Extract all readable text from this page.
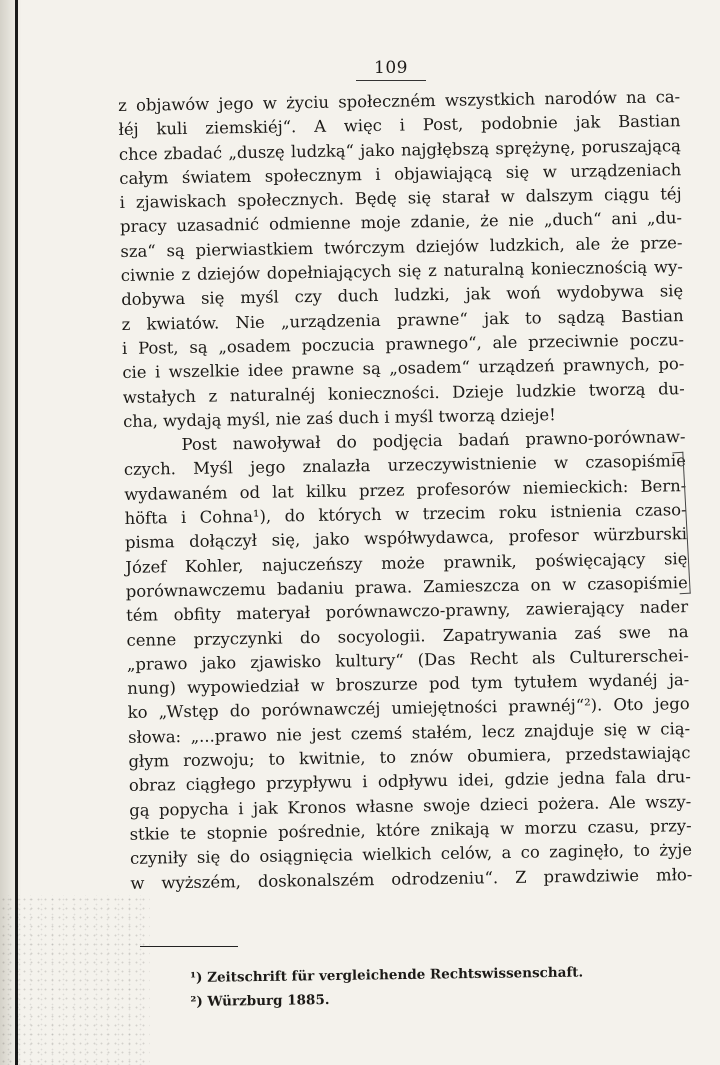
109
z objawów jego w życiu społeczném wszystkich narodów na ca-
łéj kuli ziemskiéj“. A więc i Post, podobnie jak Bastian
chce zbadać „duszę ludzką“ jako najgłębszą sprężynę, poruszającą
całym światem społecznym i objawiającą się w urządzeniach
i zjawiskach społecznych. Będę się starał w dalszym ciągu téj
pracy uzasadnić odmienne moje zdanie, że nie „duch“ ani „du-
sza“ są pierwiastkiem twórczym dziejów ludzkich, ale że prze-
ciwnie z dziejów dopełniających się z naturalną koniecznością wy-
dobywa się myśl czy duch ludzki, jak woń wydobywa się
z kwiatów. Nie „urządzenia prawne“ jak to sądzą Bastian
i Post, są „osadem poczucia prawnego“, ale przeciwnie poczu-
cie i wszelkie idee prawne są „osadem“ urządzeń prawnych, po-
wstałych z naturalnéj konieczności. Dzieje ludzkie tworzą du-
cha, wydają myśl, nie zaś duch i myśl tworzą dzieje!
Post nawoływał do podjęcia badań prawno-porównaw-
czych. Myśl jego znalazła urzeczywistnienie w czasopiśmie
wydawaném od lat kilku przez profesorów niemieckich: Bern-
höfta i Cohna¹), do których w trzecim roku istnienia czaso-
pisma dołączył się, jako współwydawca, profesor würzburski
Józef Kohler, najuczeńszy może prawnik, poświęcający się
porównawczemu badaniu prawa. Zamieszcza on w czasopiśmie
tém obfity materyał porównawczo-prawny, zawierający nader
cenne przyczynki do socyologii. Zapatrywania zaś swe na
„prawo jako zjawisko kultury“ (Das Recht als Culturerschei-
nung) wypowiedział w broszurze pod tym tytułem wydanéj ja-
ko „Wstęp do porównawczéj umiejętności prawnéj“²). Oto jego
słowa: „...prawo nie jest czemś stałém, lecz znajduje się w cią-
głym rozwoju; to kwitnie, to znów obumiera, przedstawiając
obraz ciągłego przypływu i odpływu idei, gdzie jedna fala dru-
gą popycha i jak Kronos własne swoje dzieci pożera. Ale wszy-
stkie te stopnie pośrednie, które znikają w morzu czasu, przy-
czyniły się do osiągnięcia wielkich celów, a co zaginęło, to żyje
w wyższém, doskonalszém odrodzeniu“. Z prawdziwie mło-
¹) Zeitschrift für vergleichende Rechtswissenschaft.
²) Würzburg 1885.
